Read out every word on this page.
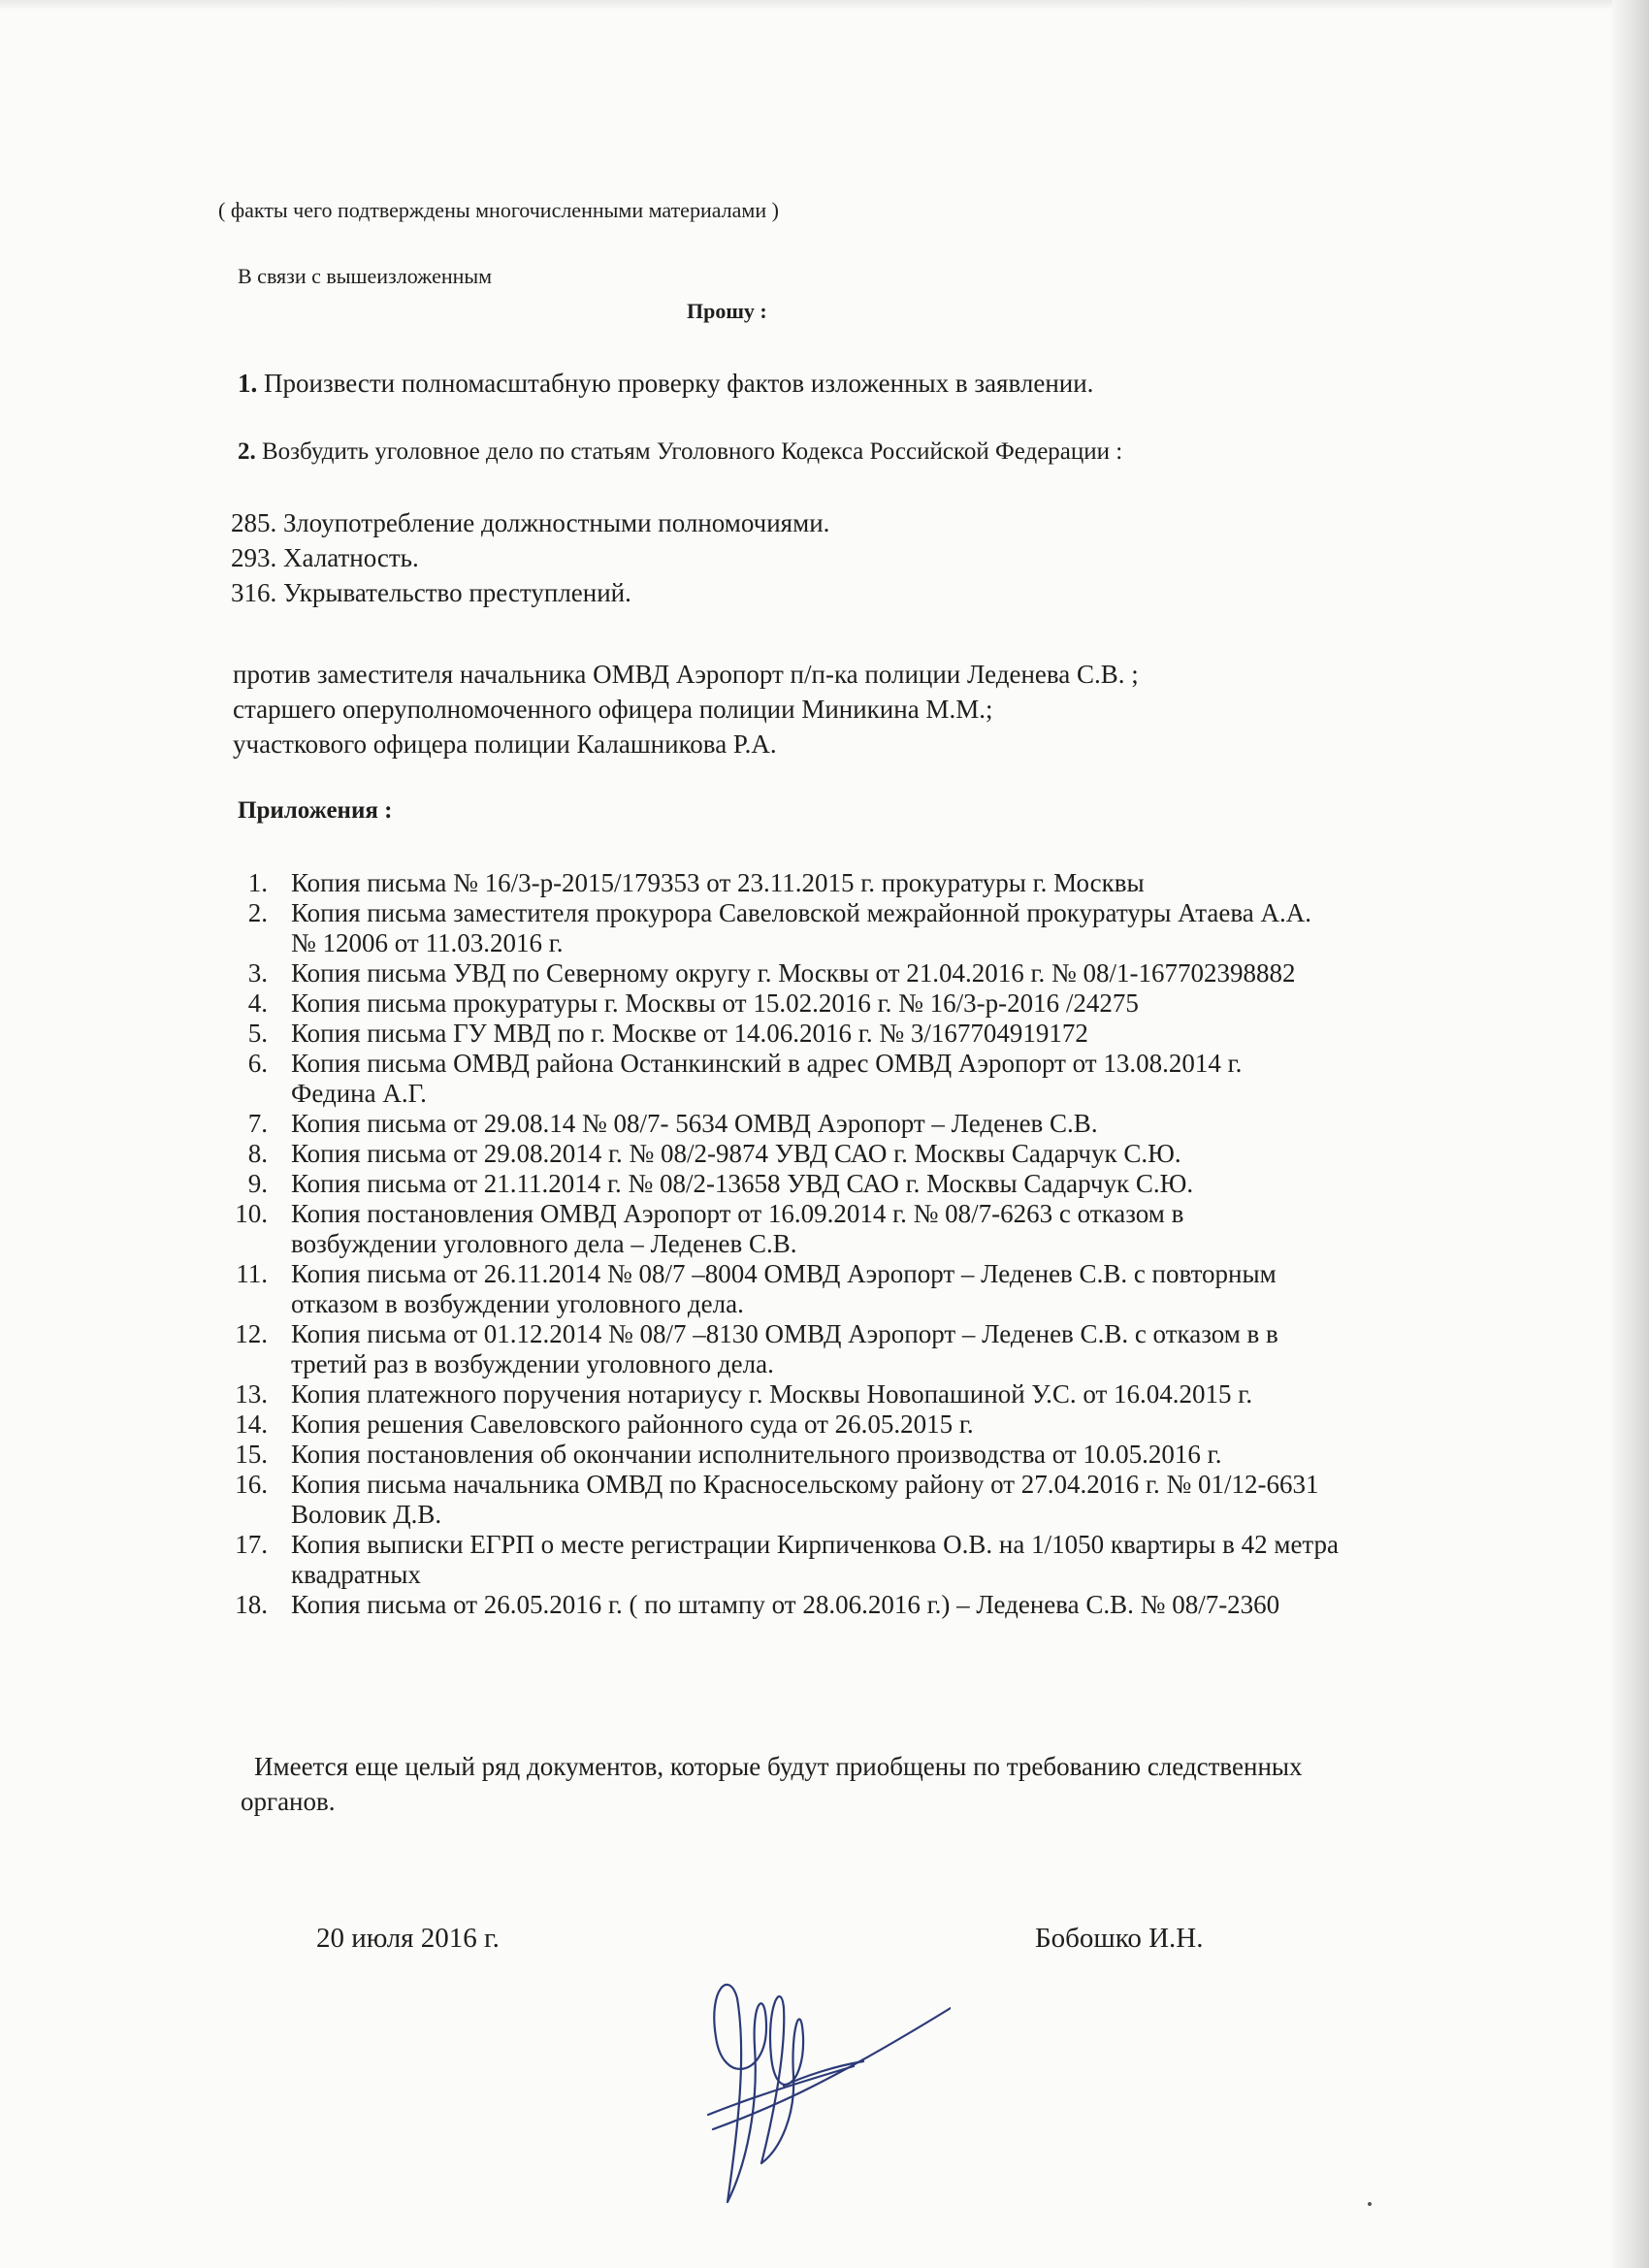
( факты чего подтверждены многочисленными материалами )
В связи с вышеизложенным
Прошу :
1. Произвести полномасштабную проверку фактов изложенных в заявлении.
2. Возбудить уголовное дело по статьям Уголовного Кодекса Российской Федерации :
285. Злоупотребление должностными полномочиями.
293. Халатность.
316. Укрывательство преступлений.
против заместителя начальника ОМВД Аэропорт п/п-ка полиции Леденева С.В. ;
старшего оперуполномоченного офицера полиции Миникина М.М.;
участкового офицера полиции Калашникова Р.А.
Приложения :
1. Копия письма № 16/3-р-2015/179353 от 23.11.2015 г. прокуратуры г. Москвы
2. Копия письма заместителя прокурора Савеловской межрайонной прокуратуры Атаева А.А.
№ 12006 от 11.03.2016 г.
3. Копия письма УВД по Северному округу г. Москвы от 21.04.2016 г. № 08/1-167702398882
4. Копия письма прокуратуры г. Москвы от 15.02.2016 г. № 16/3-р-2016 /24275
5. Копия письма ГУ МВД по г. Москве от 14.06.2016 г. № 3/167704919172
6. Копия письма ОМВД района Останкинский в адрес ОМВД Аэропорт от 13.08.2014 г.
Федина А.Г.
7. Копия письма от 29.08.14 № 08/7- 5634 ОМВД Аэропорт – Леденев С.В.
8. Копия письма от 29.08.2014 г. № 08/2-9874 УВД САО г. Москвы Садарчук С.Ю.
9. Копия письма от 21.11.2014 г. № 08/2-13658 УВД САО г. Москвы Садарчук С.Ю.
10. Копия постановления ОМВД Аэропорт от 16.09.2014 г. № 08/7-6263 с отказом в
возбуждении уголовного дела – Леденев С.В.
11. Копия письма от 26.11.2014 № 08/7 –8004 ОМВД Аэропорт – Леденев С.В. с повторным
отказом в возбуждении уголовного дела.
12. Копия письма от 01.12.2014 № 08/7 –8130 ОМВД Аэропорт – Леденев С.В. с отказом в в
третий раз в возбуждении уголовного дела.
13. Копия платежного поручения нотариусу г. Москвы Новопашиной У.С. от 16.04.2015 г.
14. Копия решения Савеловского районного суда от 26.05.2015 г.
15. Копия постановления об окончании исполнительного производства от 10.05.2016 г.
16. Копия письма начальника ОМВД по Красносельскому району от 27.04.2016 г. № 01/12-6631
Воловик Д.В.
17. Копия выписки ЕГРП о месте регистрации Кирпиченкова О.В. на 1/1050 квартиры в 42 метра
квадратных
18. Копия письма от 26.05.2016 г. ( по штампу от 28.06.2016 г.) – Леденева С.В. № 08/7-2360
Имеется еще целый ряд документов, которые будут приобщены по требованию следственных
органов.
20 июля 2016 г.	Бобошко И.Н.
